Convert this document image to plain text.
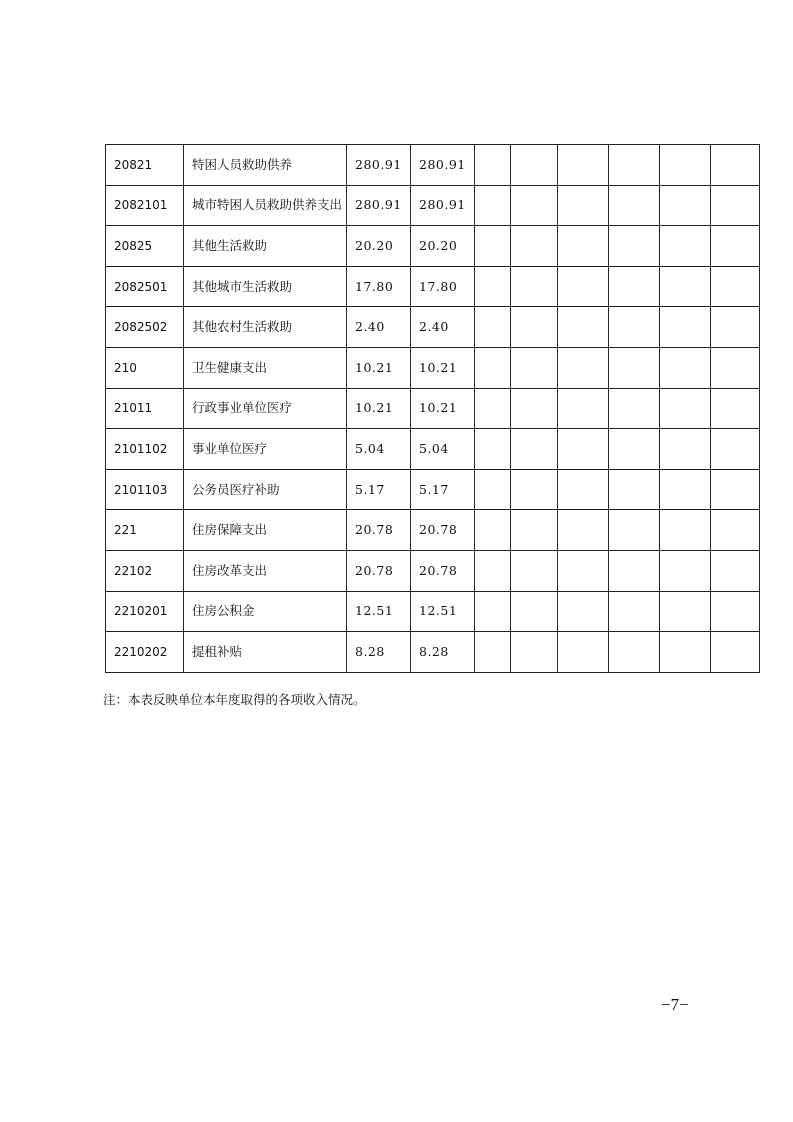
20821	特困人员救助供养	280.91	280.91						
2082101	城市特困人员救助供养支出	280.91	280.91						
20825	其他生活救助	20.20	20.20						
2082501	其他城市生活救助	17.80	17.80						
2082502	其他农村生活救助	2.40	2.40						
210	卫生健康支出	10.21	10.21						
21011	行政事业单位医疗	10.21	10.21						
2101102	事业单位医疗	5.04	5.04						
2101103	公务员医疗补助	5.17	5.17						
221	住房保障支出	20.78	20.78						
22102	住房改革支出	20.78	20.78						
2210201	住房公积金	12.51	12.51						
2210202	提租补贴	8.28	8.28						
注：本表反映单位本年度取得的各项收入情况。
−7−
